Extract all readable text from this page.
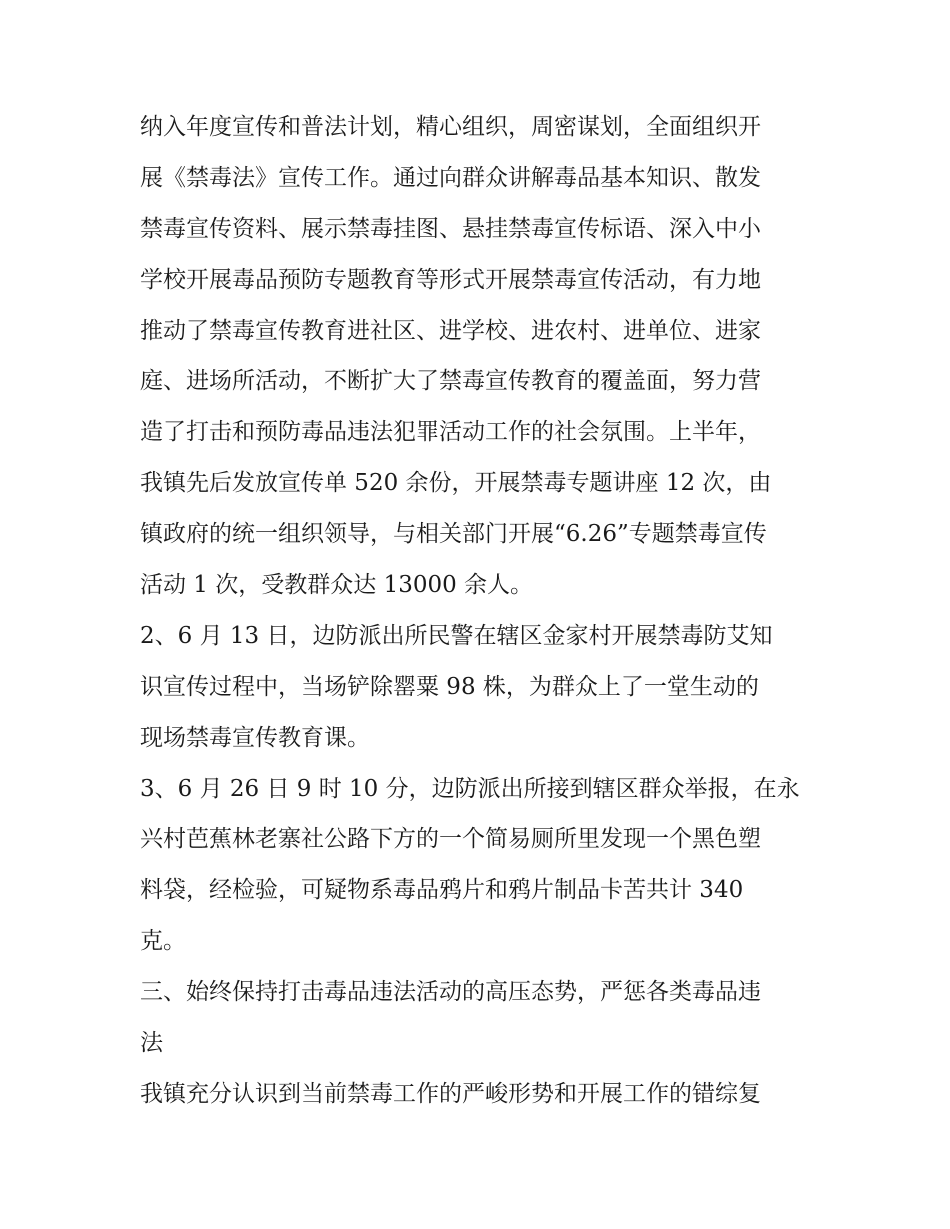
纳入年度宣传和普法计划，精心组织，周密谋划，全面组织开
展《禁毒法》宣传工作。通过向群众讲解毒品基本知识、散发
禁毒宣传资料、展示禁毒挂图、悬挂禁毒宣传标语、深入中小
学校开展毒品预防专题教育等形式开展禁毒宣传活动，有力地
推动了禁毒宣传教育进社区、进学校、进农村、进单位、进家
庭、进场所活动，不断扩大了禁毒宣传教育的覆盖面，努力营
造了打击和预防毒品违法犯罪活动工作的社会氛围。上半年，
我镇先后发放宣传单 520 余份，开展禁毒专题讲座 12 次，由
镇政府的统一组织领导，与相关部门开展“6.26”专题禁毒宣传
活动 1 次，受教群众达 13000 余人。
2、6 月 13 日，边防派出所民警在辖区金家村开展禁毒防艾知
识宣传过程中，当场铲除罂粟 98 株，为群众上了一堂生动的
现场禁毒宣传教育课。
3、6 月 26 日 9 时 10 分，边防派出所接到辖区群众举报，在永
兴村芭蕉林老寨社公路下方的一个简易厕所里发现一个黑色塑
料袋，经检验，可疑物系毒品鸦片和鸦片制品卡苦共计 340
克。
三、始终保持打击毒品违法活动的高压态势，严惩各类毒品违
法
我镇充分认识到当前禁毒工作的严峻形势和开展工作的错综复
